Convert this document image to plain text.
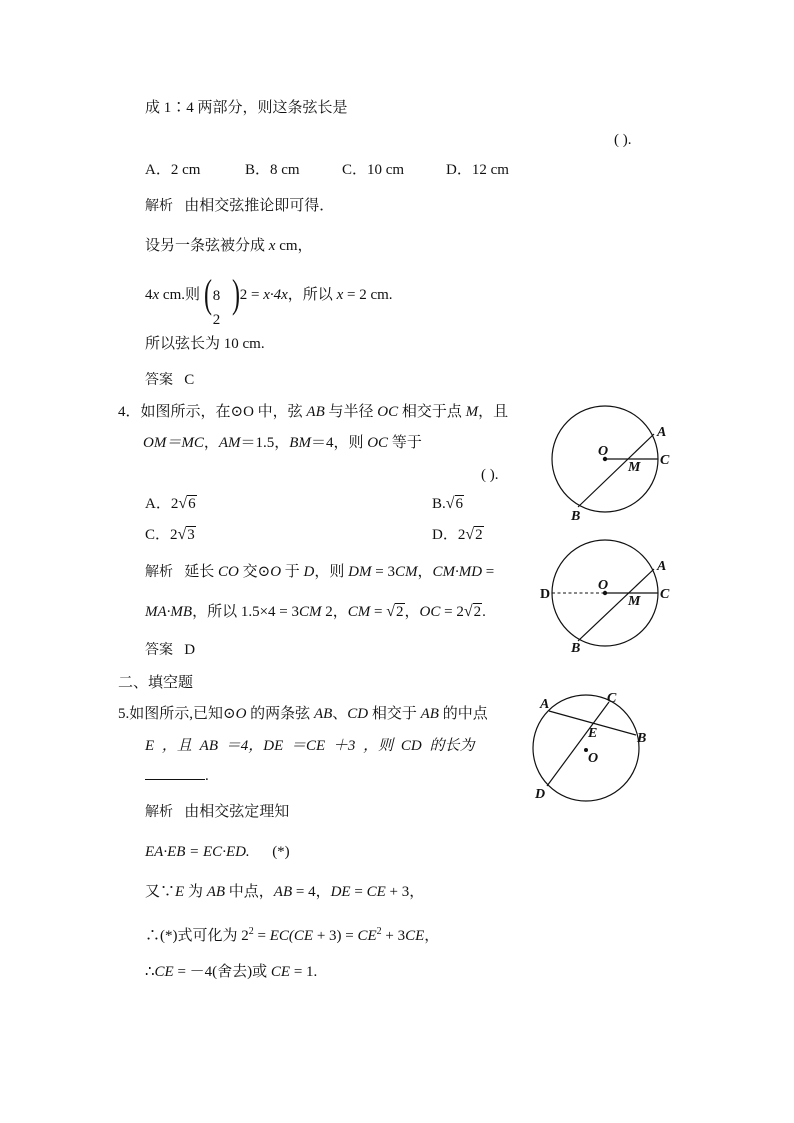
成 1∶4 两部分，则这条弦长是
( ).
A．2 cm	B．8 cm	C．10 cm	D．12 cm
解析 由相交弦推论即可得．
设另一条弦被分成 x cm，
4x cm.则 ( 8
2
) 2 = x·4x，所以 x = 2 cm.
所以弦长为 10 cm.
答案 C
4．如图所示，在⊙O 中，弦 AB 与半径 OC 相交于点 M，且
OM＝MC，AM＝1.5，BM＝4，则 OC 等于
( ).
A．2√6	B.√6
C．2√3	D．2√2
解析 延长 CO 交⊙O 于 D，则 DM = 3CM，CM·MD =
MA·MB，所以 1.5×4 = 3CM 2，CM = √2，OC = 2√2.
答案 D
二、填空题
5.如图所示,已知⊙O 的两条弦 AB、CD 相交于 AB 的中点
E ，且 AB ＝4，DE ＝CE ＋3 ，则 CD 的长为
.
解析 由相交弦定理知
EA·EB = EC·ED. (*)
又∵E 为 AB 中点，AB = 4，DE = CE + 3，
∴(*)式可化为 $2^2 = EC(CE + 3) = CE^2 + 3CE$，
∴CE = －4(舍去)或 CE = 1.
O
A
C
M
B
O
A
C
M
B
D
A	C
B
E
O
D
